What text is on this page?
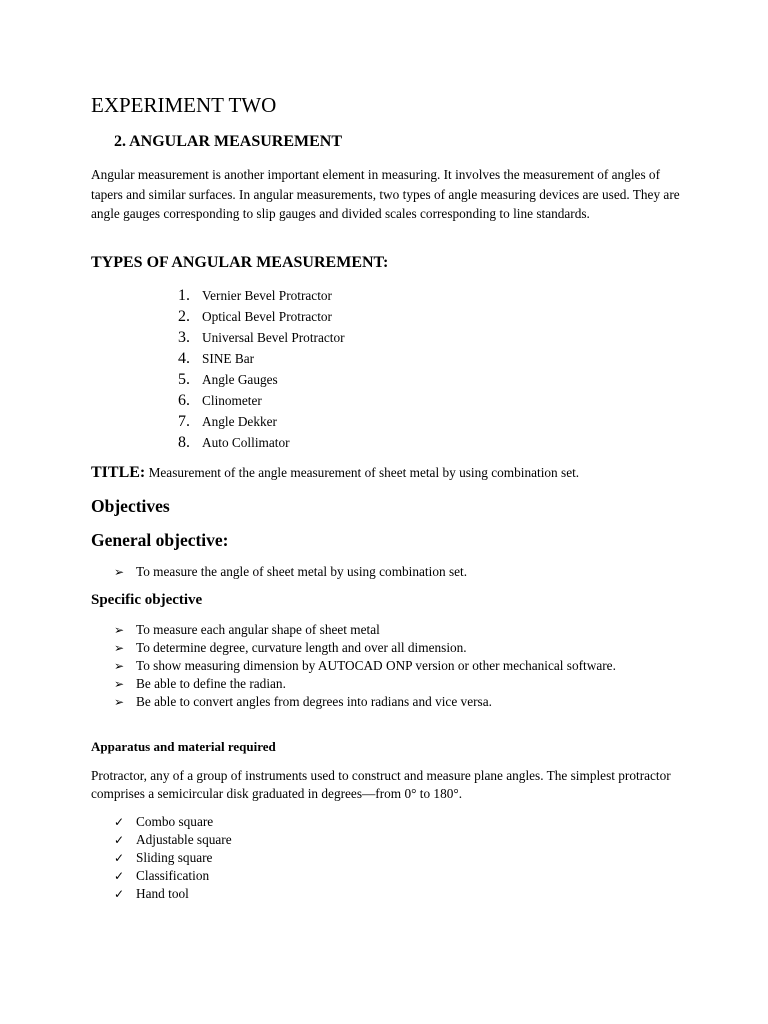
EXPERIMENT TWO
2. ANGULAR MEASUREMENT
Angular measurement is another important element in measuring. It involves the measurement of angles of tapers and similar surfaces. In angular measurements, two types of angle measuring devices are used. They are angle gauges corresponding to slip gauges and divided scales corresponding to line standards.
TYPES OF ANGULAR MEASUREMENT:
1. Vernier Bevel Protractor
2. Optical Bevel Protractor
3. Universal Bevel Protractor
4. SINE Bar
5. Angle Gauges
6. Clinometer
7. Angle Dekker
8. Auto Collimator
TITLE: Measurement of the angle measurement of sheet metal by using combination set.
Objectives
General objective:
➢ To measure the angle of sheet metal by using combination set.
Specific objective
➢ To measure each angular shape of sheet metal
➢ To determine degree, curvature length and over all dimension.
➢ To show measuring dimension by AUTOCAD ONP version or other mechanical software.
➢ Be able to define the radian.
➢ Be able to convert angles from degrees into radians and vice versa.
Apparatus and material required
Protractor, any of a group of instruments used to construct and measure plane angles. The simplest protractor comprises a semicircular disk graduated in degrees—from 0° to 180°.
✓ Combo square
✓ Adjustable square
✓ Sliding square
✓ Classification
✓ Hand tool
